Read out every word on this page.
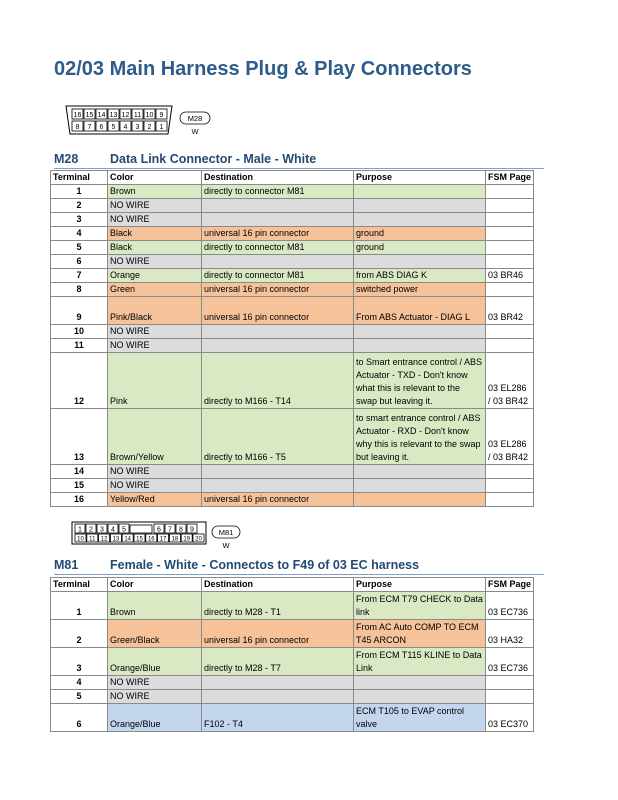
02/03 Main Harness Plug & Play Connectors
16 15 14 13 12 11 10 9
8 7 6 5 4 3 2 1
M28
W
M28	Data Link Connector - Male - White
Terminal	Color	Destination	Purpose	FSM Page
1	Brown	directly to connector M81		
2	NO WIRE			
3	NO WIRE			
4	Black	universal 16 pin connector	ground	
5	Black	directly to connector M81	ground	
6	NO WIRE			
7	Orange	directly to connector M81	from ABS DIAG K	03 BR46
8	Green	universal 16 pin connector	switched power	
9	Pink/Black	universal 16 pin connector	From ABS Actuator - DIAG L	03 BR42
10	NO WIRE			
11	NO WIRE			
12	Pink	directly to M166 - T14	to Smart entrance control / ABS Actuator - TXD - Don't know what this is relevant to the swap but leaving it.	03 EL286 / 03 BR42
13	Brown/Yellow	directly to M166 - T5	to smart entrance control / ABS Actuator - RXD - Don't know why this is relevant to the swap but leaving it.	03 EL286 / 03 BR42
14	NO WIRE			
15	NO WIRE			
16	Yellow/Red	universal 16 pin connector		
1 2 3 4 5	6 7 8 9
10 11 12 13 14 15 16 17 18 19 20
M81
W
M81	Female - White - Connectos to F49 of 03 EC harness
Terminal	Color	Destination	Purpose	FSM Page
1	Brown	directly to M28 - T1	From ECM T79 CHECK to Data link	03 EC736
2	Green/Black	universal 16 pin connector	From AC Auto COMP TO ECM T45 ARCON	03 HA32
3	Orange/Blue	directly to M28 - T7	From ECM T115 KLINE to Data Link	03 EC736
4	NO WIRE			
5	NO WIRE			
6	Orange/Blue	F102 - T4	ECM T105 to EVAP control valve	03 EC370
